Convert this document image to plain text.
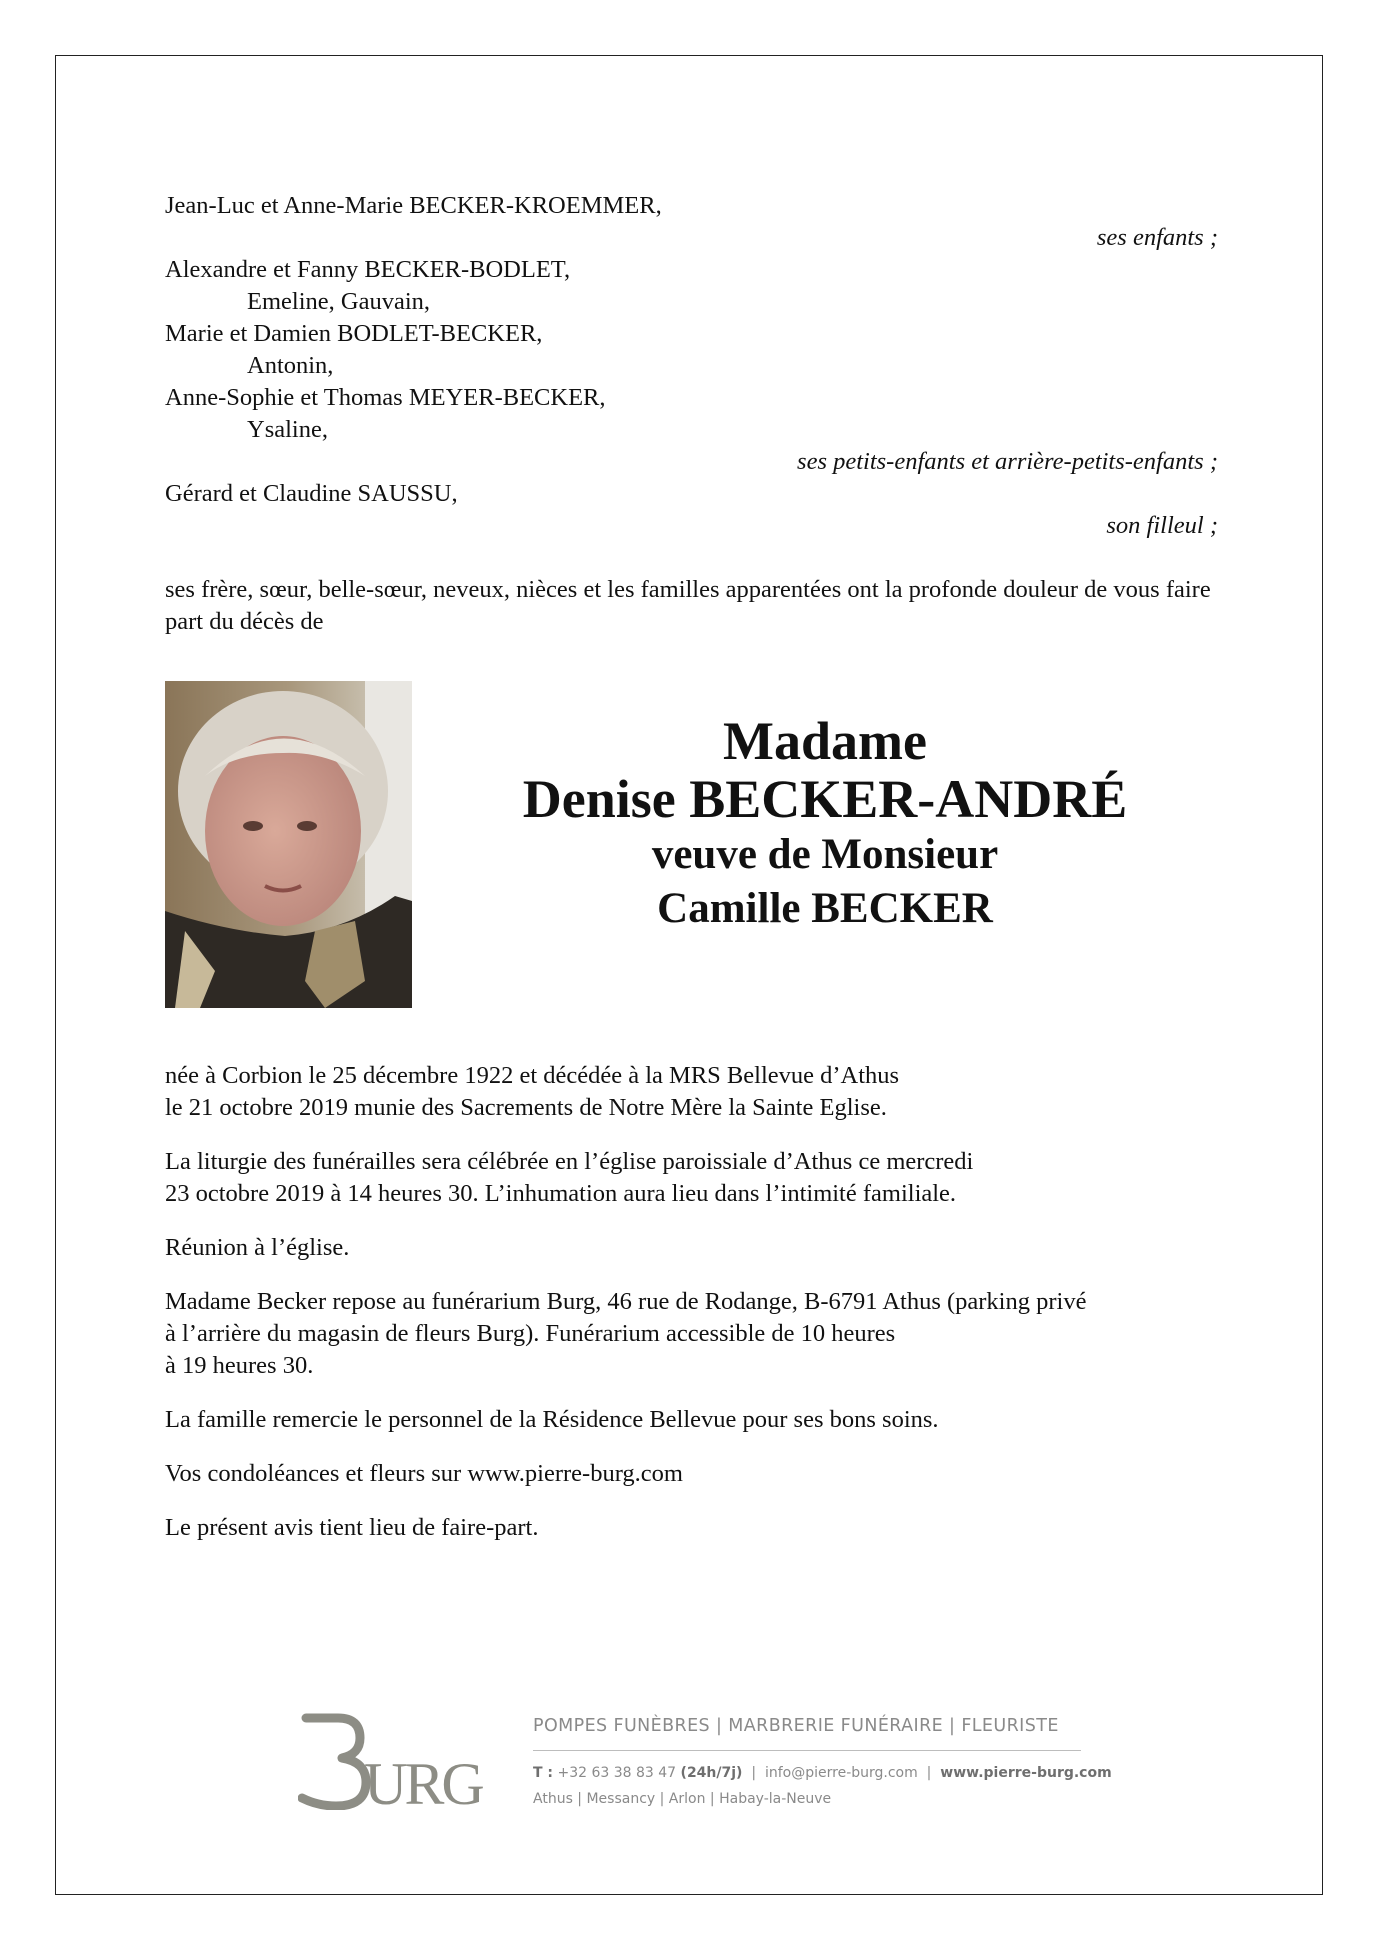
Jean-Luc et Anne-Marie BECKER-KROEMMER,
ses enfants ;
Alexandre et Fanny BECKER-BODLET,
Emeline, Gauvain,
Marie et Damien BODLET-BECKER,
Antonin,
Anne-Sophie et Thomas MEYER-BECKER,
Ysaline,
ses petits-enfants et arrière-petits-enfants ;
Gérard et Claudine SAUSSU,
son filleul ;
ses frère, sœur, belle-sœur, neveux, nièces et les familles apparentées ont la profonde douleur de vous faire part du décès de
Madame
Denise BECKER-ANDRÉ
veuve de Monsieur
Camille BECKER

née à Corbion le 25 décembre 1922 et décédée à la MRS Bellevue d’Athus
le 21 octobre 2019 munie des Sacrements de Notre Mère la Sainte Eglise.

La liturgie des funérailles sera célébrée en l’église paroissiale d’Athus ce mercredi
23 octobre 2019 à 14 heures 30. L’inhumation aura lieu dans l’intimité familiale.

Réunion à l’église.

Madame Becker repose au funérarium Burg, 46 rue de Rodange, B-6791 Athus (parking privé
à l’arrière du magasin de fleurs Burg). Funérarium accessible de 10 heures
à 19 heures 30.

La famille remercie le personnel de la Résidence Bellevue pour ses bons soins.

Vos condoléances et fleurs sur www.pierre-burg.com

Le présent avis tient lieu de faire-part.

URG
POMPES FUNÈBRES | MARBRERIE FUNÉRAIRE | FLEURISTE
T : +32 63 38 83 47 (24h/7j)  |  info@pierre-burg.com  |  www.pierre-burg.com
Athus | Messancy | Arlon | Habay-la-Neuve
